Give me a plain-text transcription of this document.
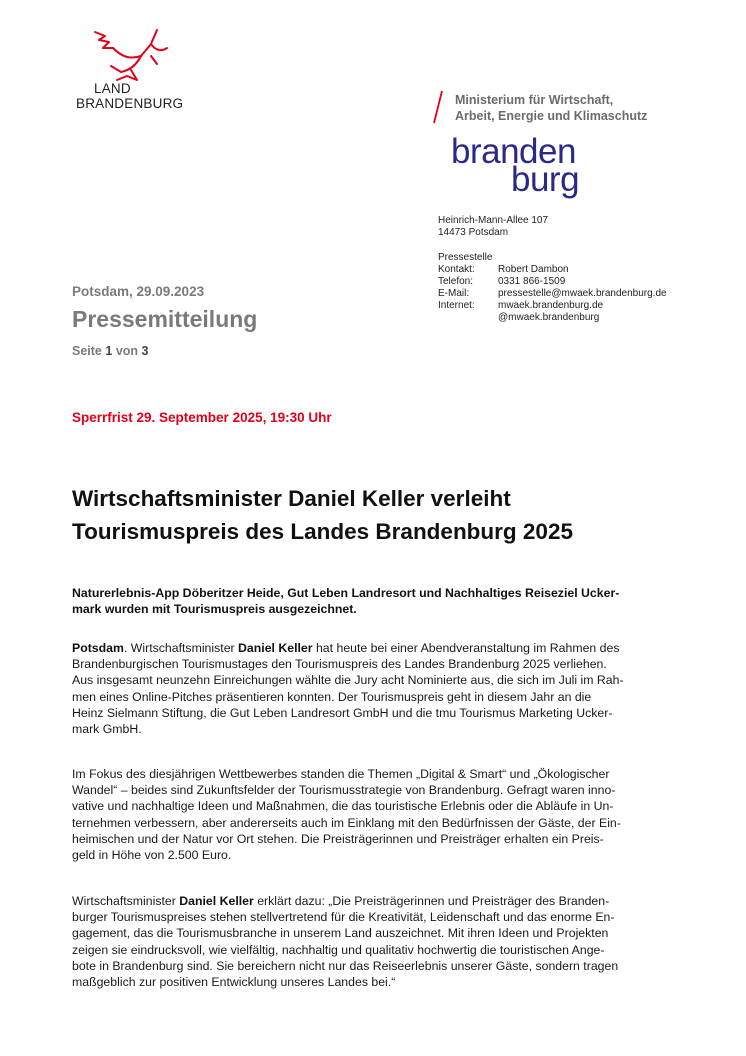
LAND
BRANDENBURG	Ministerium für Wirtschaft,
Arbeit, Energie und Klimaschutz
branden
burg
Heinrich-Mann-Allee 107
14473 Potsdam
Pressestelle
Kontakt:	Robert Dambon
Telefon:	0331 866-1509
E-Mail:	pressestelle@mwaek.brandenburg.de
Internet:	mwaek.brandenburg.de
@mwaek.brandenburg
Potsdam, 29.09.2023
Pressemitteilung
Seite 1 von 3
Sperrfrist 29. September 2025, 19:30 Uhr
Wirtschaftsminister Daniel Keller verleiht
Tourismuspreis des Landes Brandenburg 2025
Naturerlebnis-App Döberitzer Heide, Gut Leben Landresort und Nachhaltiges Reiseziel Ucker-
mark wurden mit Tourismuspreis ausgezeichnet.
Potsdam. Wirtschaftsminister Daniel Keller hat heute bei einer Abendveranstaltung im Rahmen des
Brandenburgischen Tourismustages den Tourismuspreis des Landes Brandenburg 2025 verliehen.
Aus insgesamt neunzehn Einreichungen wählte die Jury acht Nominierte aus, die sich im Juli im Rah-
men eines Online-Pitches präsentieren konnten. Der Tourismuspreis geht in diesem Jahr an die
Heinz Sielmann Stiftung, die Gut Leben Landresort GmbH und die tmu Tourismus Marketing Ucker-
mark GmbH.
Im Fokus des diesjährigen Wettbewerbes standen die Themen „Digital & Smart“ und „Ökologischer
Wandel“ – beides sind Zukunftsfelder der Tourismusstrategie von Brandenburg. Gefragt waren inno-
vative und nachhaltige Ideen und Maßnahmen, die das touristische Erlebnis oder die Abläufe in Un-
ternehmen verbessern, aber andererseits auch im Einklang mit den Bedürfnissen der Gäste, der Ein-
heimischen und der Natur vor Ort stehen. Die Preisträgerinnen und Preisträger erhalten ein Preis-
geld in Höhe von 2.500 Euro.
Wirtschaftsminister Daniel Keller erklärt dazu: „Die Preisträgerinnen und Preisträger des Branden-
burger Tourismuspreises stehen stellvertretend für die Kreativität, Leidenschaft und das enorme En-
gagement, das die Tourismusbranche in unserem Land auszeichnet. Mit ihren Ideen und Projekten
zeigen sie eindrucksvoll, wie vielfältig, nachhaltig und qualitativ hochwertig die touristischen Ange-
bote in Brandenburg sind. Sie bereichern nicht nur das Reiseerlebnis unserer Gäste, sondern tragen
maßgeblich zur positiven Entwicklung unseres Landes bei.“
